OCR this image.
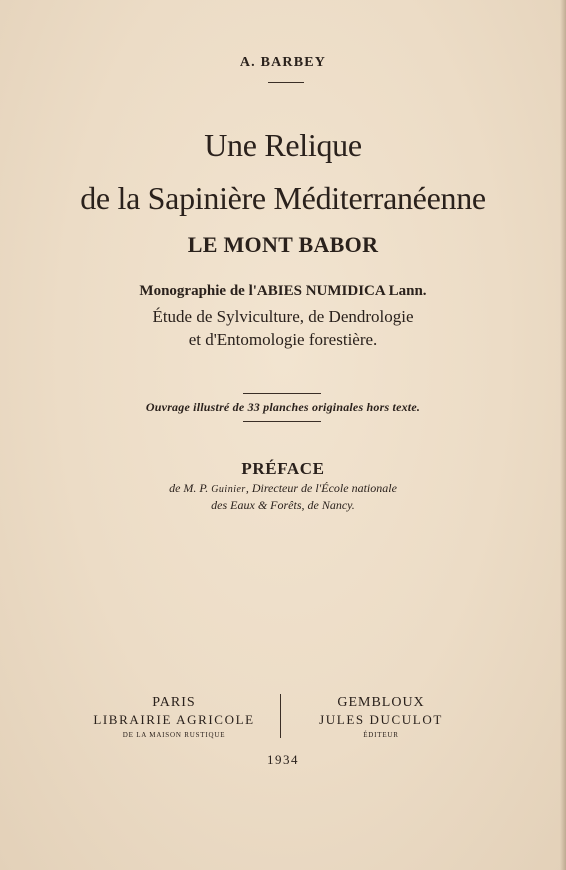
A. BARBEY
Une Relique
de la Sapinière Méditerranéenne
LE MONT BABOR
Monographie de l'ABIES NUMIDICA Lann.
Étude de Sylviculture, de Dendrologie
et d'Entomologie forestière.
Ouvrage illustré de 33 planches originales hors texte.
PRÉFACE
de M. P. Guinier, Directeur de l'École nationale
des Eaux & Forêts, de Nancy.
PARIS
LIBRAIRIE AGRICOLE
DE LA MAISON RUSTIQUE
GEMBLOUX
JULES DUCULOT
ÉDITEUR
1934
